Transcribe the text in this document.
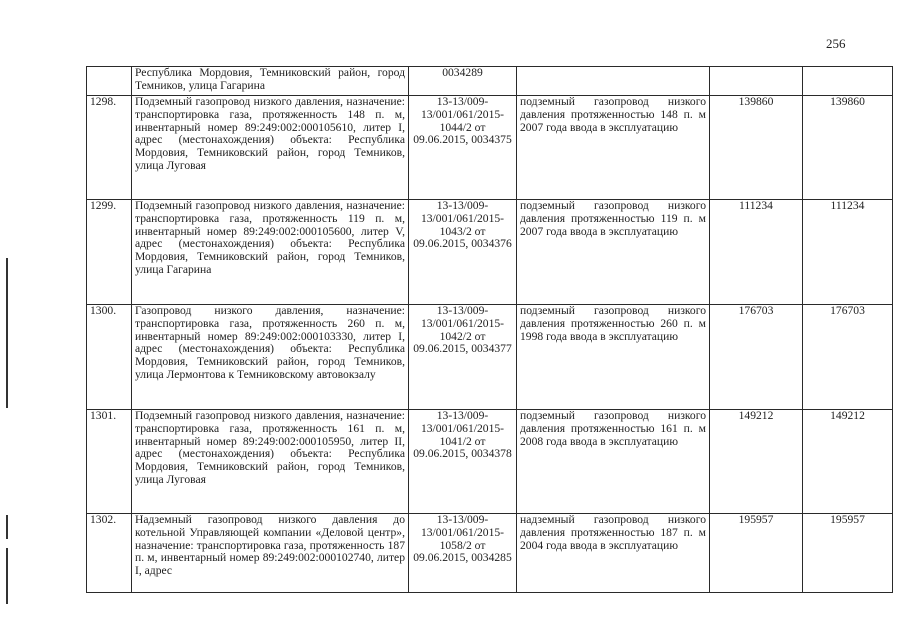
256
	Республика Мордовия, Темниковский район, город Темников, улица Гагарина	0034289			
1298.	Подземный газопровод низкого давления, назначение: транспортировка газа, протяженность 148 п. м, инвентарный номер 89:249:002:000105610, литер I, адрес (местонахождения) объекта: Республика Мордовия, Темниковский район, город Темников, улица Луговая	13-13/009-13/001/061/2015-1044/2 от 09.06.2015, 0034375	подземный газопровод низкого давления протяженностью 148 п. м 2007 года ввода в эксплуатацию	139860	139860
1299.	Подземный газопровод низкого давления, назначение: транспортировка газа, протяженность 119 п. м, инвентарный номер 89:249:002:000105600, литер V, адрес (местонахождения) объекта: Республика Мордовия, Темниковский район, город Темников, улица Гагарина	13-13/009-13/001/061/2015-1043/2 от 09.06.2015, 0034376	подземный газопровод низкого давления протяженностью 119 п. м 2007 года ввода в эксплуатацию	111234	111234
1300.	Газопровод низкого давления, назначение: транспортировка газа, протяженность 260 п. м, инвентарный номер 89:249:002:000103330, литер I, адрес (местонахождения) объекта: Республика Мордовия, Темниковский район, город Темников, улица Лермонтова к Темниковскому автовокзалу	13-13/009-13/001/061/2015-1042/2 от 09.06.2015, 0034377	подземный газопровод низкого давления протяженностью 260 п. м 1998 года ввода в эксплуатацию	176703	176703
1301.	Подземный газопровод низкого давления, назначение: транспортировка газа, протяженность 161 п. м, инвентарный номер 89:249:002:000105950, литер II, адрес (местонахождения) объекта: Республика Мордовия, Темниковский район, город Темников, улица Луговая	13-13/009-13/001/061/2015-1041/2 от 09.06.2015, 0034378	подземный газопровод низкого давления протяженностью 161 п. м 2008 года ввода в эксплуатацию	149212	149212
1302.	Надземный газопровод низкого давления до котельной Управляющей компании «Деловой центр», назначение: транспортировка газа, протяженность 187 п. м, инвентарный номер 89:249:002:000102740, литер I, адрес	13-13/009-13/001/061/2015-1058/2 от 09.06.2015, 0034285	надземный газопровод низкого давления протяженностью 187 п. м 2004 года ввода в эксплуатацию	195957	195957
